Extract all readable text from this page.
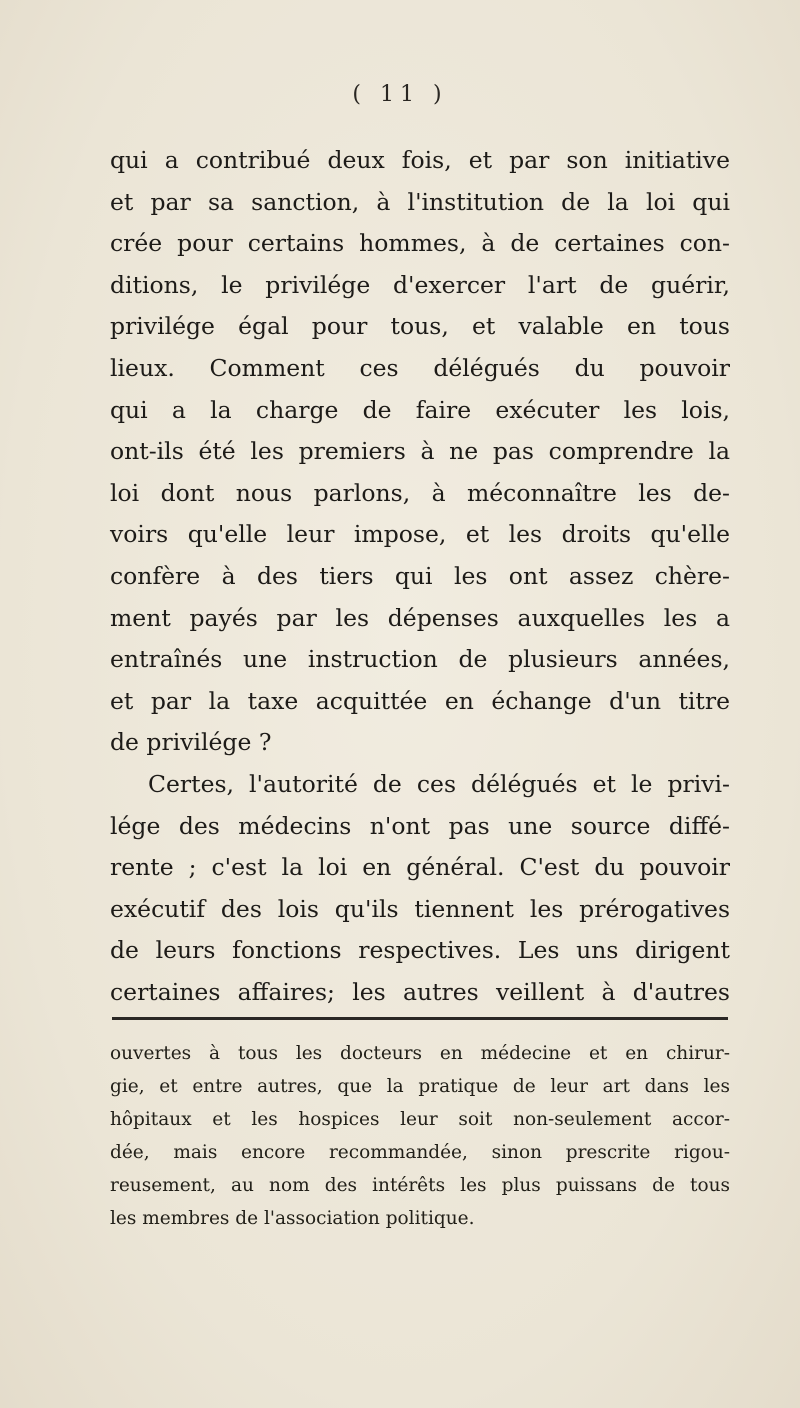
( 11 )
qui a contribué deux fois, et par son initiative
et par sa sanction, à l'institution de la loi qui
crée pour certains hommes, à de certaines con-
ditions, le privilége d'exercer l'art de guérir,
privilége égal pour tous, et valable en tous
lieux. Comment ces délégués du pouvoir
qui a la charge de faire exécuter les lois,
ont-ils été les premiers à ne pas comprendre la
loi dont nous parlons, à méconnaître les de-
voirs qu'elle leur impose, et les droits qu'elle
confère à des tiers qui les ont assez chère-
ment payés par les dépenses auxquelles les a
entraînés une instruction de plusieurs années,
et par la taxe acquittée en échange d'un titre
de privilége ?
Certes, l'autorité de ces délégués et le privi-
lége des médecins n'ont pas une source diffé-
rente ; c'est la loi en général. C'est du pouvoir
exécutif des lois qu'ils tiennent les prérogatives
de leurs fonctions respectives. Les uns dirigent
certaines affaires; les autres veillent à d'autres
ouvertes à tous les docteurs en médecine et en chirur-
gie, et entre autres, que la pratique de leur art dans les
hôpitaux et les hospices leur soit non-seulement accor-
dée, mais encore recommandée, sinon prescrite rigou-
reusement, au nom des intérêts les plus puissans de tous
les membres de l'association politique.
